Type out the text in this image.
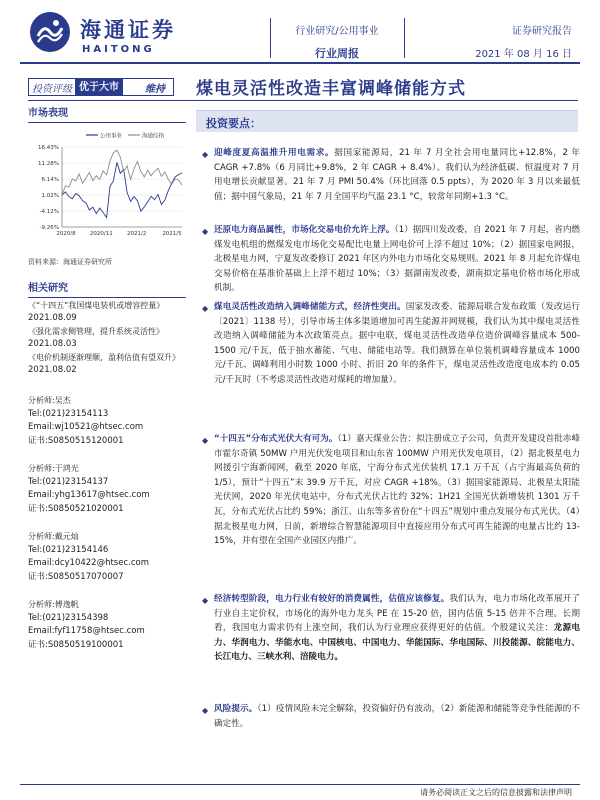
海通证券
HAITONG
行业研究/公用事业
行业周报
证券研究报告
2021 年 08 月 16 日
投资评级 优于大市	维持	煤电灵活性改造丰富调峰储能方式
市场表现
公用事业	海通综指
16.43%
11.28%
6.14%
1.02%
-4.12%
-9.26%
2020/8	2020/11	2021/2	2021/5
资料来源：海通证券研究所
相关研究
《“十四五”我国煤电装机或增容控量》
2021.08.09
《强化需求侧管理，提升系统灵活性》
2021.08.03
《电价机制逐渐理顺，盈利估值有望双升》
2021.08.02
分析师:吴杰
Tel:(021)23154113
Email:wj10521@htsec.com
证书:S0850515120001
分析师:于鸿光
Tel:(021)23154137
Email:yhg13617@htsec.com
证书:S0850521020001
分析师:戴元灿
Tel:(021)23154146
Email:dcy10422@htsec.com
证书:S0850517070007
分析师:傅逸帆
Tel:(021)23154398
Email:fyf11758@htsec.com
证书:S0850519100001
投资要点：
◆ 迎峰度夏高温推升用电需求。据国家能源局，21 年 7 月全社会用电量同比+12.8%，2 年 CAGR +7.8%（6 月同比+9.8%，2 年 CAGR + 8.4%）。我们认为经济低碳、恒温度对 7 月用电增长贡献显著。21 年 7 月 PMI 50.4%（环比回落 0.5 ppts），为 2020 年 3 月以来最低值；据中国气象局，21 年 7 月全国平均气温 23.1 °C，较常年同期+1.3 °C。
◆ 还原电力商品属性，市场化交易电价允许上浮。（1）据四川发改委，自 2021 年 7 月起，省内燃煤发电机组的燃煤发电市场化交易配比电量上网电价可上浮不超过 10%；（2）据国家电网报，北极星电力网，宁夏发改委修订 2021 年区内外电力市场化交易规则。2021 年 8 月起允许煤电交易价格在基准价基础上上浮不超过 10%；（3）据湖南发改委，湖南拟定基电价格市场化形成机制。
◆ 煤电灵活性改造纳入调峰储能方式，经济性突出。国家发改委、能源局联合发布政策（发改运行〔2021〕1138 号），引导市场主体多渠道增加可再生能源并网规模，我们认为其中煤电灵活性改造纳入调峰储能为本次政策亮点。据中电联，煤电灵活性改造单位造价调峰容量成本 500-1500 元/千瓦，低于抽水蓄能、气电、储能电站等。我们测算在单位装机调峰容量成本 1000 元/千瓦、调峰利用小时数 1000 小时、折旧 20 年的条件下，煤电灵活性改造度电成本约 0.05 元/千瓦时（不考虑灵活性改造对煤耗的增加量）。
◆ “十四五”分布式光伏大有可为。（1）嘉天煤业公告：拟注册成立子公司，负责开发建设首批赤峰市霍尔奇镇 50MW 户用光伏发电项目和山东省 100MW 户用光伏发电项目，（2）据北极星电力网援引宁海新闻网，截至 2020 年底，宁海分布式光伏装机 17.1 万千瓦（占宁海最高负荷的 1/5），预计“十四五”末 39.9 万千瓦，对应 CAGR +18%。（3）据国家能源局、北极星太阳能光伏网，2020 年光伏电站中，分布式光伏占比约 32%；1H21 全国光伏新增装机 1301 万千瓦，分布式光伏占比约 59%；浙江、山东等多省份在“十四五”规划中重点发展分布式光伏。（4）据北极星电力网，日前，新增综合智慧能源项目中直接应用分布式可再生能源的电量占比约 13-15%，并有望在全国产业园区内推广。
◆ 经济转型阶段，电力行业有较好的消费属性，估值应该修复。我们认为，电力市场化改革展开了行业自主定价权，市场化的海外电力龙头 PE 在 15-20 倍，国内估值 5-15 倍并不合理。长期看，我国电力需求仍有上涨空间，我们认为行业理应获得更好的估值。个股建议关注：龙源电力、华润电力、华能水电、中国核电、中国电力、华能国际、华电国际、川投能源、皖能电力、长江电力、三峡水利、涪陵电力。
◆ 风险提示。（1）疫情风险未完全解除，投资偏好仍有波动，（2）新能源和储能等竞争性能源的不确定性。
请务必阅读正文之后的信息披露和法律声明
